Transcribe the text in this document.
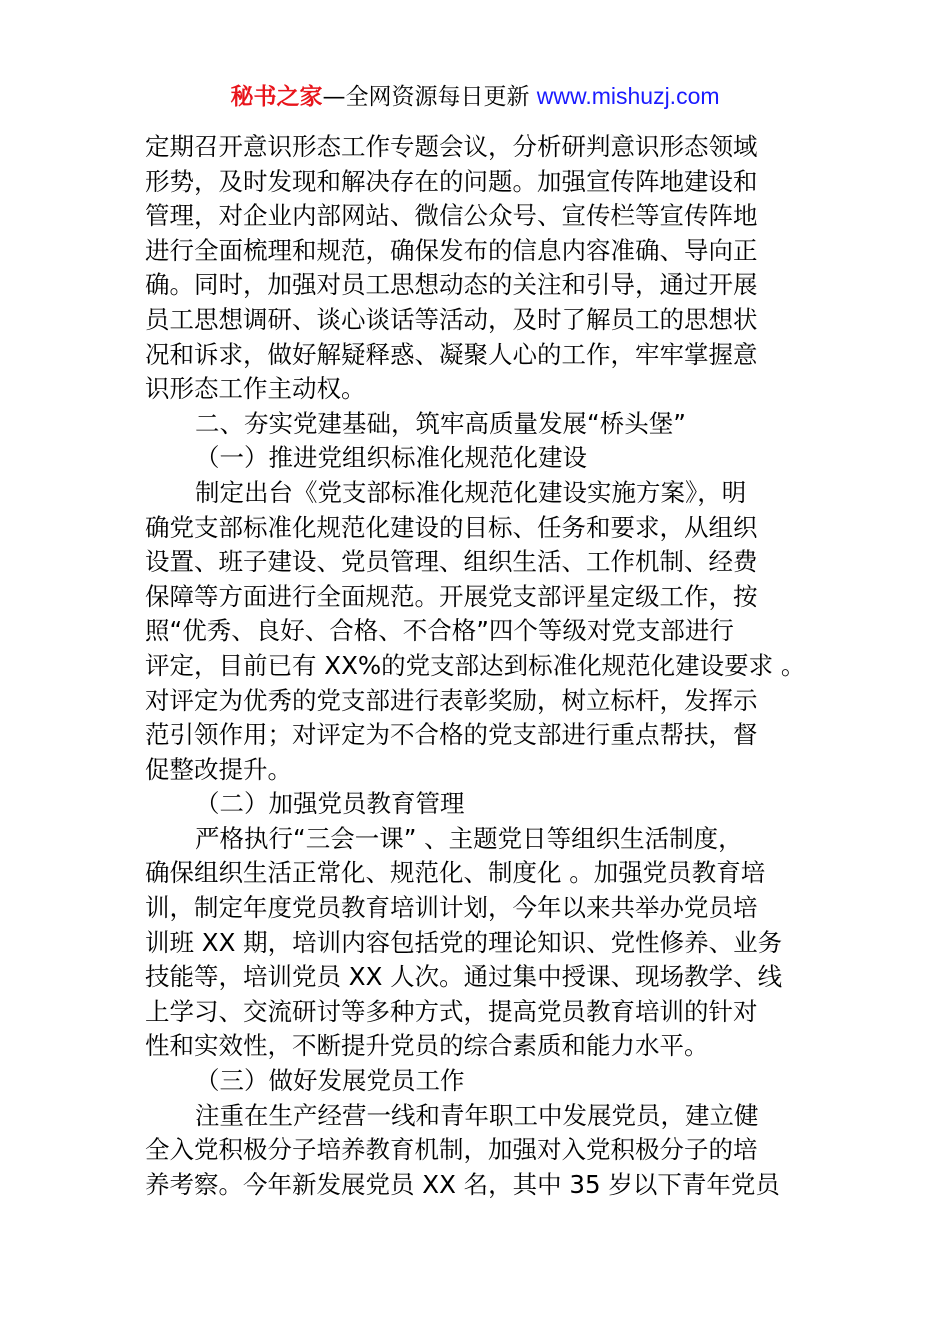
秘书之家—全网资源每日更新 www.mishuzj.com
定期召开意识形态工作专题会议，分析研判意识形态领域
形势，及时发现和解决存在的问题。加强宣传阵地建设和
管理，对企业内部网站、微信公众号、宣传栏等宣传阵地
进行全面梳理和规范，确保发布的信息内容准确、导向正
确。同时，加强对员工思想动态的关注和引导，通过开展
员工思想调研、谈心谈话等活动，及时了解员工的思想状
况和诉求，做好解疑释惑、凝聚人心的工作，牢牢掌握意
识形态工作主动权。
二、夯实党建基础，筑牢高质量发展“桥头堡”
（一）推进党组织标准化规范化建设
制定出台《党支部标准化规范化建设实施方案》，明
确党支部标准化规范化建设的目标、任务和要求，从组织
设置、班子建设、党员管理、组织生活、工作机制、经费
保障等方面进行全面规范。开展党支部评星定级工作，按
照“优秀、良好、合格、不合格”四个等级对党支部进行
评定，目前已有 XX%的党支部达到标准化规范化建设要求 。
对评定为优秀的党支部进行表彰奖励，树立标杆，发挥示
范引领作用；对评定为不合格的党支部进行重点帮扶，督
促整改提升。
（二）加强党员教育管理
严格执行“三会一课” 、主题党日等组织生活制度，
确保组织生活正常化、规范化、制度化 。加强党员教育培
训，制定年度党员教育培训计划，今年以来共举办党员培
训班 XX 期，培训内容包括党的理论知识、党性修养、业务
技能等，培训党员 XX 人次。通过集中授课、现场教学、线
上学习、交流研讨等多种方式，提高党员教育培训的针对
性和实效性，不断提升党员的综合素质和能力水平。
（三）做好发展党员工作
注重在生产经营一线和青年职工中发展党员，建立健
全入党积极分子培养教育机制，加强对入党积极分子的培
养考察。今年新发展党员 XX 名，其中 35 岁以下青年党员
